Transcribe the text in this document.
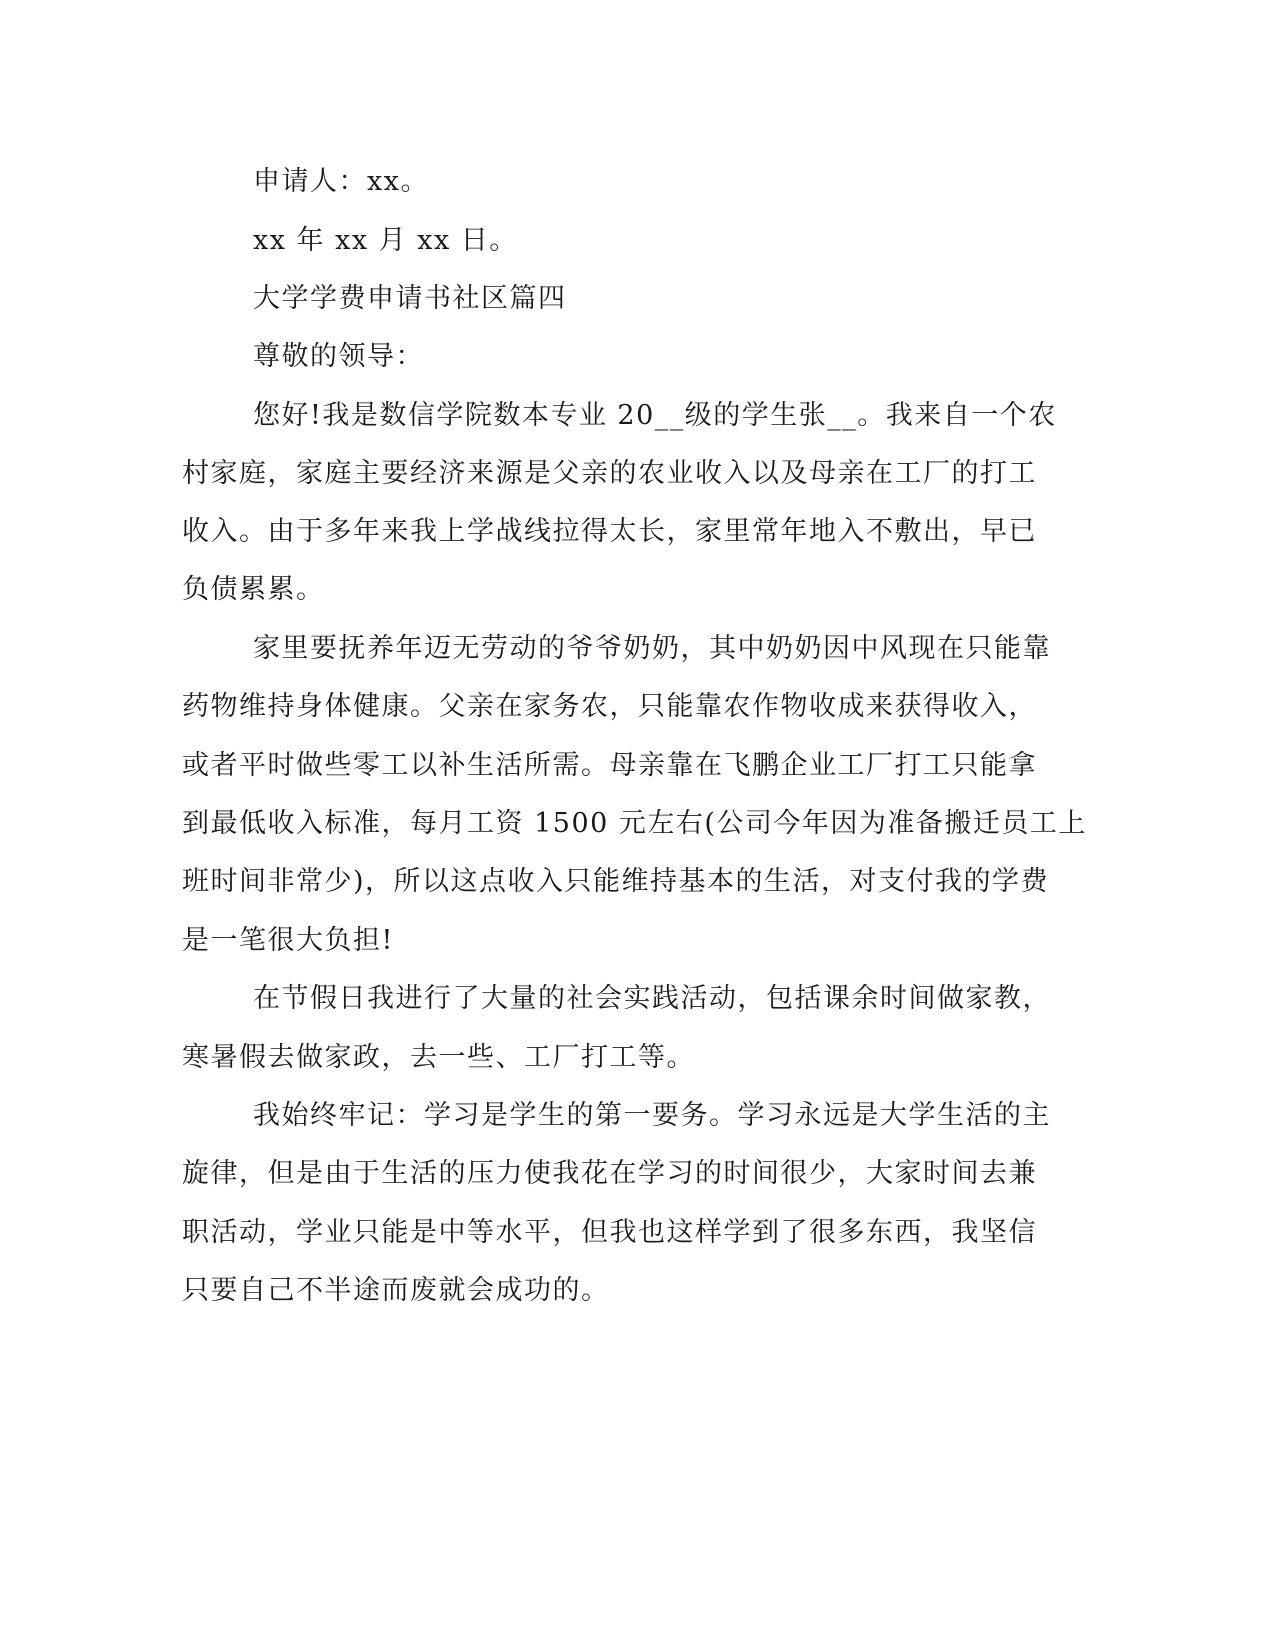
申请人：xx。
xx 年 xx 月 xx 日。
大学学费申请书社区篇四
尊敬的领导：
您好!我是数信学院数本专业 20__级的学生张__。我来自一个农
村家庭，家庭主要经济来源是父亲的农业收入以及母亲在工厂的打工
收入。由于多年来我上学战线拉得太长，家里常年地入不敷出，早已
负债累累。
家里要抚养年迈无劳动的爷爷奶奶，其中奶奶因中风现在只能靠
药物维持身体健康。父亲在家务农，只能靠农作物收成来获得收入，
或者平时做些零工以补生活所需。母亲靠在飞鹏企业工厂打工只能拿
到最低收入标准，每月工资 1500 元左右(公司今年因为准备搬迁员工上
班时间非常少)，所以这点收入只能维持基本的生活，对支付我的学费
是一笔很大负担!
在节假日我进行了大量的社会实践活动，包括课余时间做家教，
寒暑假去做家政，去一些、工厂打工等。
我始终牢记：学习是学生的第一要务。学习永远是大学生活的主
旋律，但是由于生活的压力使我花在学习的时间很少，大家时间去兼
职活动，学业只能是中等水平，但我也这样学到了很多东西，我坚信
只要自己不半途而废就会成功的。
